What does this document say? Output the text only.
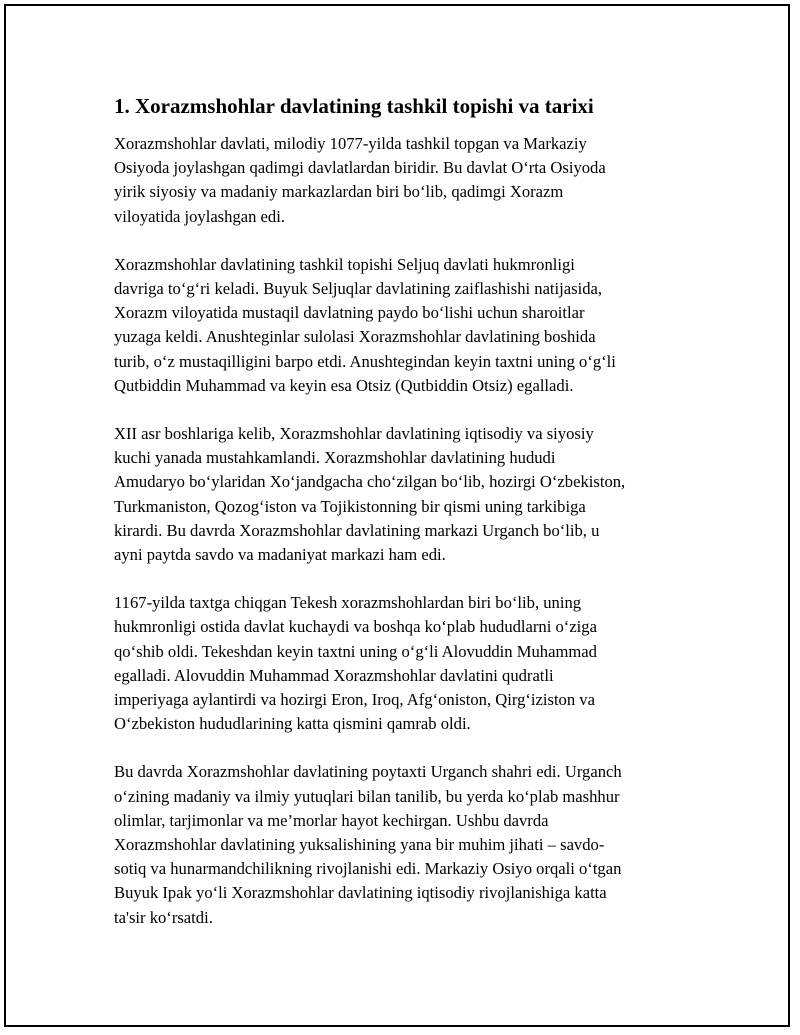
1. Xorazmshohlar davlatining tashkil topishi va tarixi

Xorazmshohlar davlati, milodiy 1077-yilda tashkil topgan va Markaziy
Osiyoda joylashgan qadimgi davlatlardan biridir. Bu davlat O‘rta Osiyoda
yirik siyosiy va madaniy markazlardan biri bo‘lib, qadimgi Xorazm
viloyatida joylashgan edi.

Xorazmshohlar davlatining tashkil topishi Seljuq davlati hukmronligi
davriga to‘g‘ri keladi. Buyuk Seljuqlar davlatining zaiflashishi natijasida,
Xorazm viloyatida mustaqil davlatning paydo bo‘lishi uchun sharoitlar
yuzaga keldi. Anushteginlar sulolasi Xorazmshohlar davlatining boshida
turib, o‘z mustaqilligini barpo etdi. Anushtegindan keyin taxtni uning o‘g‘li
Qutbiddin Muhammad va keyin esa Otsiz (Qutbiddin Otsiz) egalladi.

XII asr boshlariga kelib, Xorazmshohlar davlatining iqtisodiy va siyosiy
kuchi yanada mustahkamlandi. Xorazmshohlar davlatining hududi
Amudaryo bo‘ylaridan Xo‘jandgacha cho‘zilgan bo‘lib, hozirgi O‘zbekiston,
Turkmaniston, Qozog‘iston va Tojikistonning bir qismi uning tarkibiga
kirardi. Bu davrda Xorazmshohlar davlatining markazi Urganch bo‘lib, u
ayni paytda savdo va madaniyat markazi ham edi.

1167-yilda taxtga chiqgan Tekesh xorazmshohlardan biri bo‘lib, uning
hukmronligi ostida davlat kuchaydi va boshqa ko‘plab hududlarni o‘ziga
qo‘shib oldi. Tekeshdan keyin taxtni uning o‘g‘li Alovuddin Muhammad
egalladi. Alovuddin Muhammad Xorazmshohlar davlatini qudratli
imperiyaga aylantirdi va hozirgi Eron, Iroq, Afg‘oniston, Qirg‘iziston va
O‘zbekiston hududlarining katta qismini qamrab oldi.

Bu davrda Xorazmshohlar davlatining poytaxti Urganch shahri edi. Urganch
o‘zining madaniy va ilmiy yutuqlari bilan tanilib, bu yerda ko‘plab mashhur
olimlar, tarjimonlar va me’morlar hayot kechirgan. Ushbu davrda
Xorazmshohlar davlatining yuksalishining yana bir muhim jihati – savdo-
sotiq va hunarmandchilikning rivojlanishi edi. Markaziy Osiyo orqali o‘tgan
Buyuk Ipak yo‘li Xorazmshohlar davlatining iqtisodiy rivojlanishiga katta
ta'sir ko‘rsatdi.
